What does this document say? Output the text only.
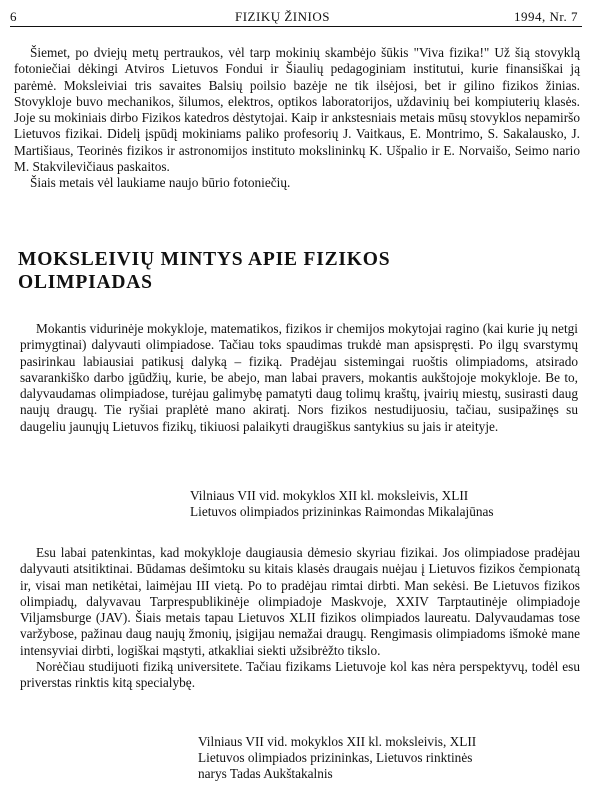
6	FIZIKŲ ŽINIOS	1994, Nr. 7
Šiemet, po dviejų metų pertraukos, vėl tarp mokinių skambėjo šūkis "Viva fizika!" Už šią stovyklą fotoniečiai dėkingi Atviros Lietuvos Fondui ir Šiaulių pedagoginiam institutui, kurie finansiškai ją parėmė. Moksleiviai tris savaites Balsių poilsio bazėje ne tik ilsėjosi, bet ir gilino fizikos žinias. Stovykloje buvo mechanikos, šilumos, elektros, optikos laboratorijos, uždavinių bei kompiuterių klasės. Joje su mokiniais dirbo Fizikos katedros dėstytojai. Kaip ir ankstesniais metais mūsų stovyklos nepamiršo Lietuvos fizikai. Didelį įspūdį mokiniams paliko profesorių J. Vaitkaus, E. Montrimo, S. Sakalausko, J. Martišiaus, Teorinės fizikos ir astronomijos instituto mokslininkų K. Ušpalio ir E. Norvaišo, Seimo nario M. Stakvilevičiaus paskaitos.
Šiais metais vėl laukiame naujo būrio fotoniečių.
MOKSLEIVIŲ MINTYS APIE FIZIKOS
OLIMPIADAS

Mokantis vidurinėje mokykloje, matematikos, fizikos ir chemijos mokytojai ragino (kai kurie jų netgi primygtinai) dalyvauti olimpiadose. Tačiau toks spaudimas trukdė man apsispręsti. Po ilgų svarstymų pasirinkau labiausiai patikusį dalyką – fiziką. Pradėjau sistemingai ruoštis olimpiadoms, atsirado savarankiško darbo įgūdžių, kurie, be abejo, man labai pravers, mokantis aukštojoje mokykloje. Be to, dalyvaudamas olimpiadose, turėjau galimybę pamatyti daug tolimų kraštų, įvairių miestų, susirasti daug naujų draugų. Tie ryšiai praplėtė mano akiratį. Nors fizikos nestudijuosiu, tačiau, susipažinęs su daugeliu jaunųjų Lietuvos fizikų, tikiuosi palaikyti draugiškus santykius su jais ir ateityje.

Vilniaus VII vid. mokyklos XII kl. moksleivis, XLII
Lietuvos olimpiados prizininkas Raimondas Mikalajūnas

Esu labai patenkintas, kad mokykloje daugiausia dėmesio skyriau fizikai. Jos olimpiadose pradėjau dalyvauti atsitiktinai. Būdamas dešimtoku su kitais klasės draugais nuėjau į Lietuvos fizikos čempionatą ir, visai man netikėtai, laimėjau III vietą. Po to pradėjau rimtai dirbti. Man sekėsi. Be Lietuvos fizikos olimpiadų, dalyvavau Tarprespublikinėje olimpiadoje Maskvoje, XXIV Tarptautinėje olimpiadoje Viljamsburge (JAV). Šiais metais tapau Lietuvos XLII fizikos olimpiados laureatu. Dalyvaudamas tose varžybose, pažinau daug naujų žmonių, įsigijau nemažai draugų. Rengimasis olimpiadoms išmokė mane intensyviai dirbti, logiškai mąstyti, atkakliai siekti užsibrėžto tikslo.
Norėčiau studijuoti fiziką universitete. Tačiau fizikams Lietuvoje kol kas nėra perspektyvų, todėl esu priverstas rinktis kitą specialybę.

Vilniaus VII vid. mokyklos XII kl. moksleivis, XLII
Lietuvos olimpiados prizininkas, Lietuvos rinktinės
narys Tadas Aukštakalnis
